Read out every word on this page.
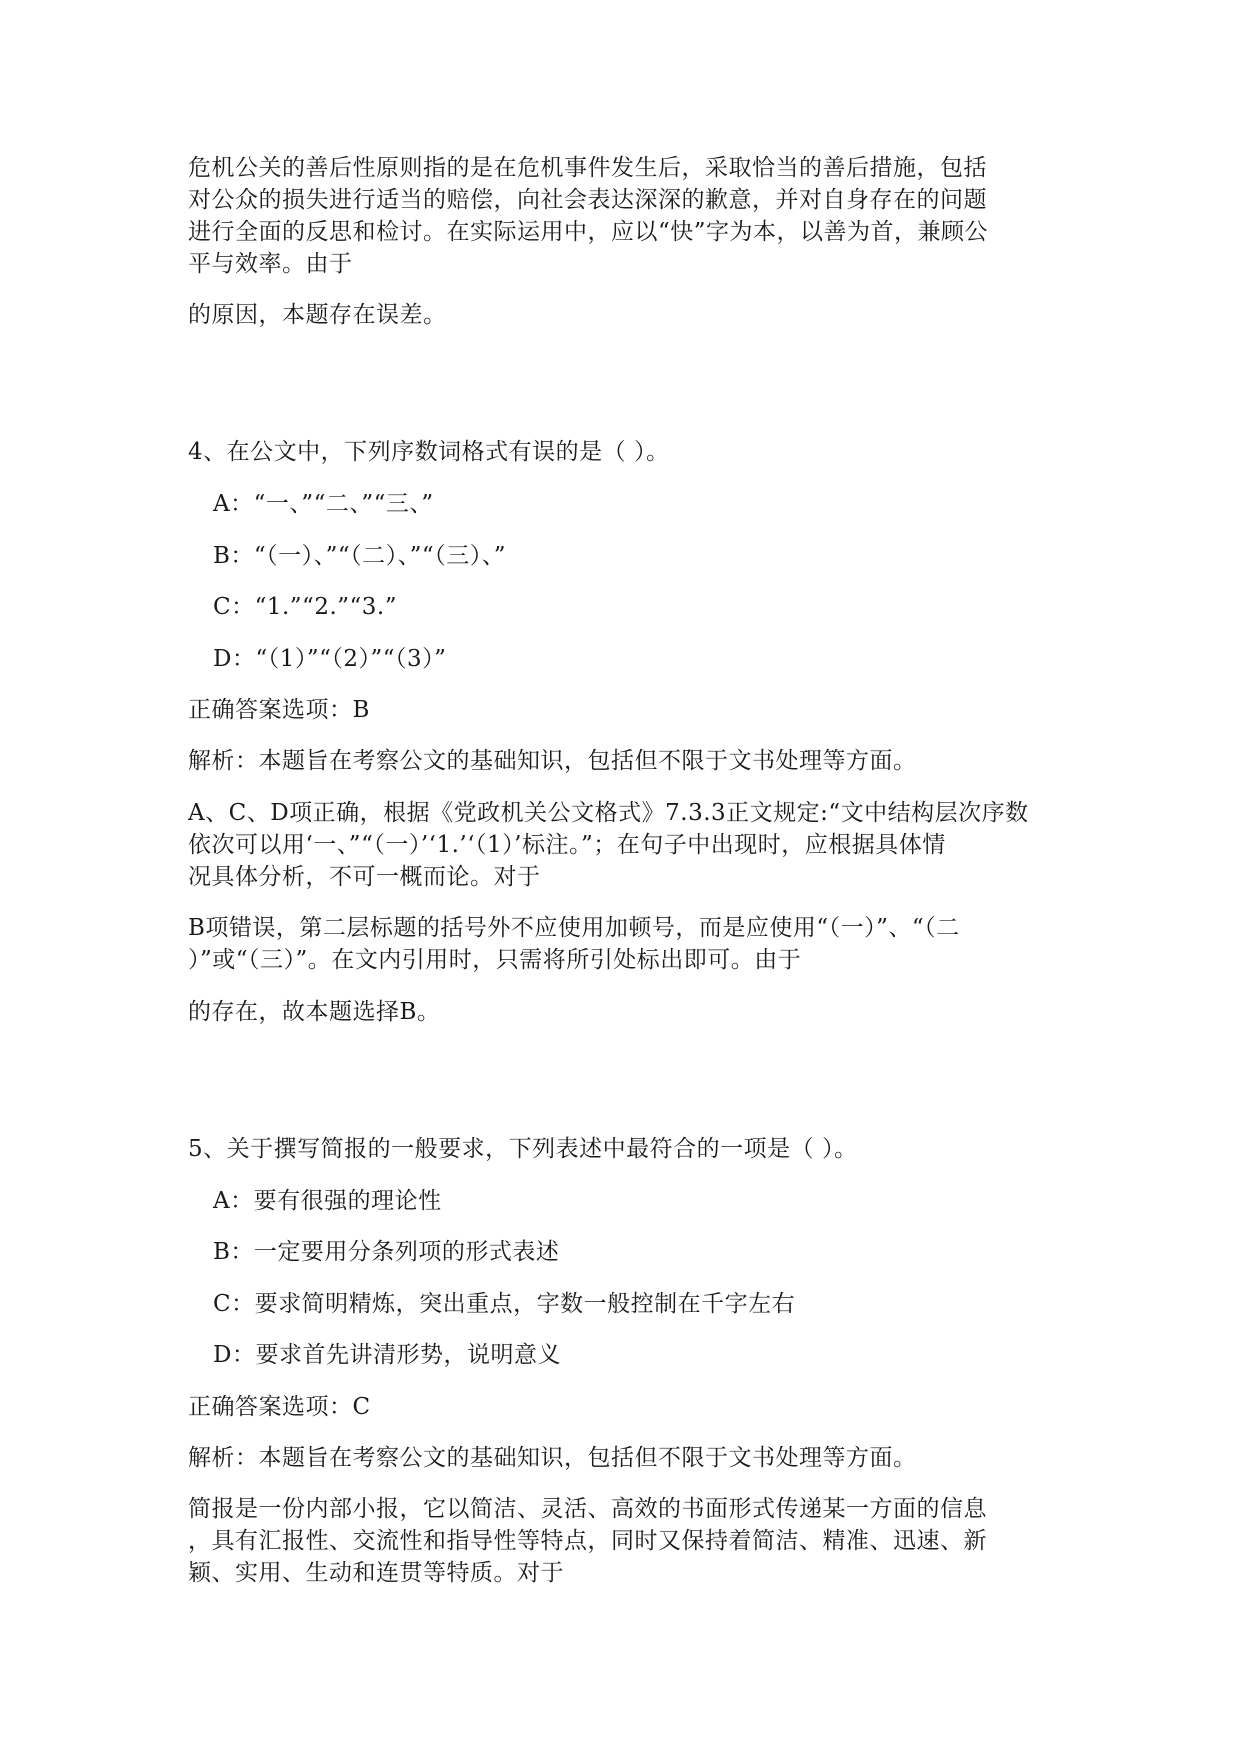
危机公关的善后性原则指的是在危机事件发生后，采取恰当的善后措施，包括
对公众的损失进行适当的赔偿，向社会表达深深的歉意，并对自身存在的问题
进行全面的反思和检讨。在实际运用中，应以“快”字为本，以善为首，兼顾公
平与效率。由于
的原因，本题存在误差。
4、在公文中，下列序数词格式有误的是（ ）。
A：“一、”“二、”“三、”
B：“（一）、”“（二）、”“（三）、”
C：“1.”“2.”“3.”
D：“（1）”“（2）”“（3）”
正确答案选项：B
解析：本题旨在考察公文的基础知识，包括但不限于文书处理等方面。
A、C、D项正确，根据《党政机关公文格式》7.3.3正文规定:“文中结构层次序数
依次可以用‘一、”“（一）’‘1.’‘（1）’标注。”；在句子中出现时，应根据具体情
况具体分析，不可一概而论。对于
B项错误，第二层标题的括号外不应使用加顿号，而是应使用“（一）”、“（二
）”或“（三）”。在文内引用时，只需将所引处标出即可。由于
的存在，故本题选择B。
5、关于撰写简报的一般要求，下列表述中最符合的一项是（ ）。
A：要有很强的理论性
B：一定要用分条列项的形式表述
C：要求简明精炼，突出重点，字数一般控制在千字左右
D：要求首先讲清形势，说明意义
正确答案选项：C
解析：本题旨在考察公文的基础知识，包括但不限于文书处理等方面。
简报是一份内部小报，它以简洁、灵活、高效的书面形式传递某一方面的信息
，具有汇报性、交流性和指导性等特点，同时又保持着简洁、精准、迅速、新
颖、实用、生动和连贯等特质。对于
